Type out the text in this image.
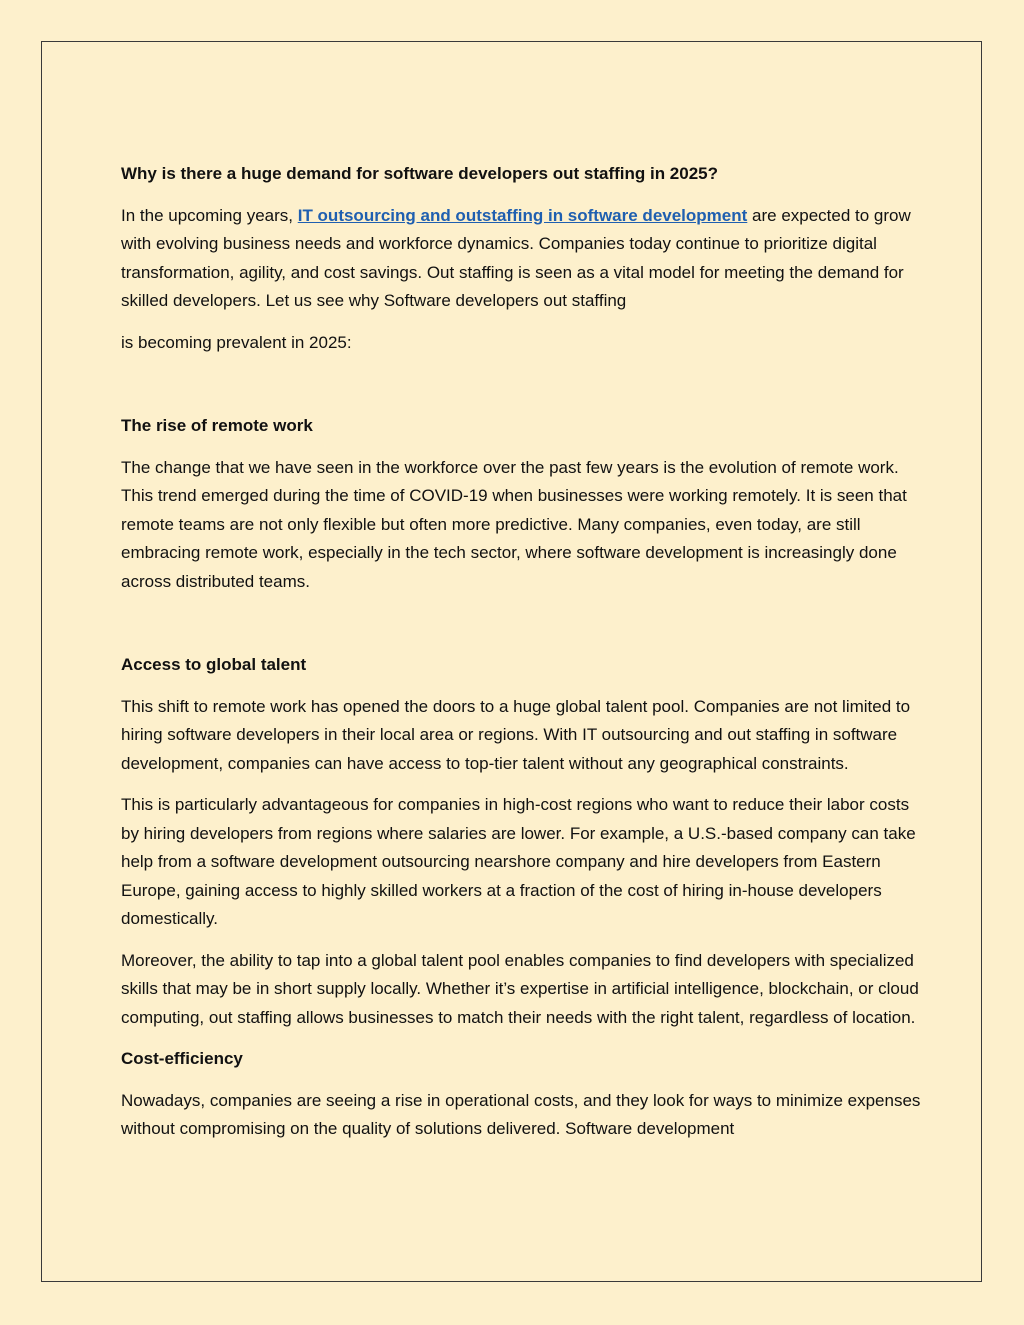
Why is there a huge demand for software developers out staffing in 2025?

In the upcoming years, IT outsourcing and outstaffing in software development are expected to grow with evolving business needs and workforce dynamics. Companies today continue to prioritize digital transformation, agility, and cost savings. Out staffing is seen as a vital model for meeting the demand for skilled developers. Let us see why Software developers out staffing

is becoming prevalent in 2025:

The rise of remote work

The change that we have seen in the workforce over the past few years is the evolution of remote work. This trend emerged during the time of COVID-19 when businesses were working remotely. It is seen that remote teams are not only flexible but often more predictive. Many companies, even today, are still embracing remote work, especially in the tech sector, where software development is increasingly done across distributed teams.

Access to global talent

This shift to remote work has opened the doors to a huge global talent pool. Companies are not limited to hiring software developers in their local area or regions. With IT outsourcing and out staffing in software development, companies can have access to top-tier talent without any geographical constraints.

This is particularly advantageous for companies in high-cost regions who want to reduce their labor costs by hiring developers from regions where salaries are lower. For example, a U.S.-based company can take help from a software development outsourcing nearshore company and hire developers from Eastern Europe, gaining access to highly skilled workers at a fraction of the cost of hiring in-house developers domestically.

Moreover, the ability to tap into a global talent pool enables companies to find developers with specialized skills that may be in short supply locally. Whether it’s expertise in artificial intelligence, blockchain, or cloud computing, out staffing allows businesses to match their needs with the right talent, regardless of location.

Cost-efficiency

Nowadays, companies are seeing a rise in operational costs, and they look for ways to minimize expenses without compromising on the quality of solutions delivered. Software development
